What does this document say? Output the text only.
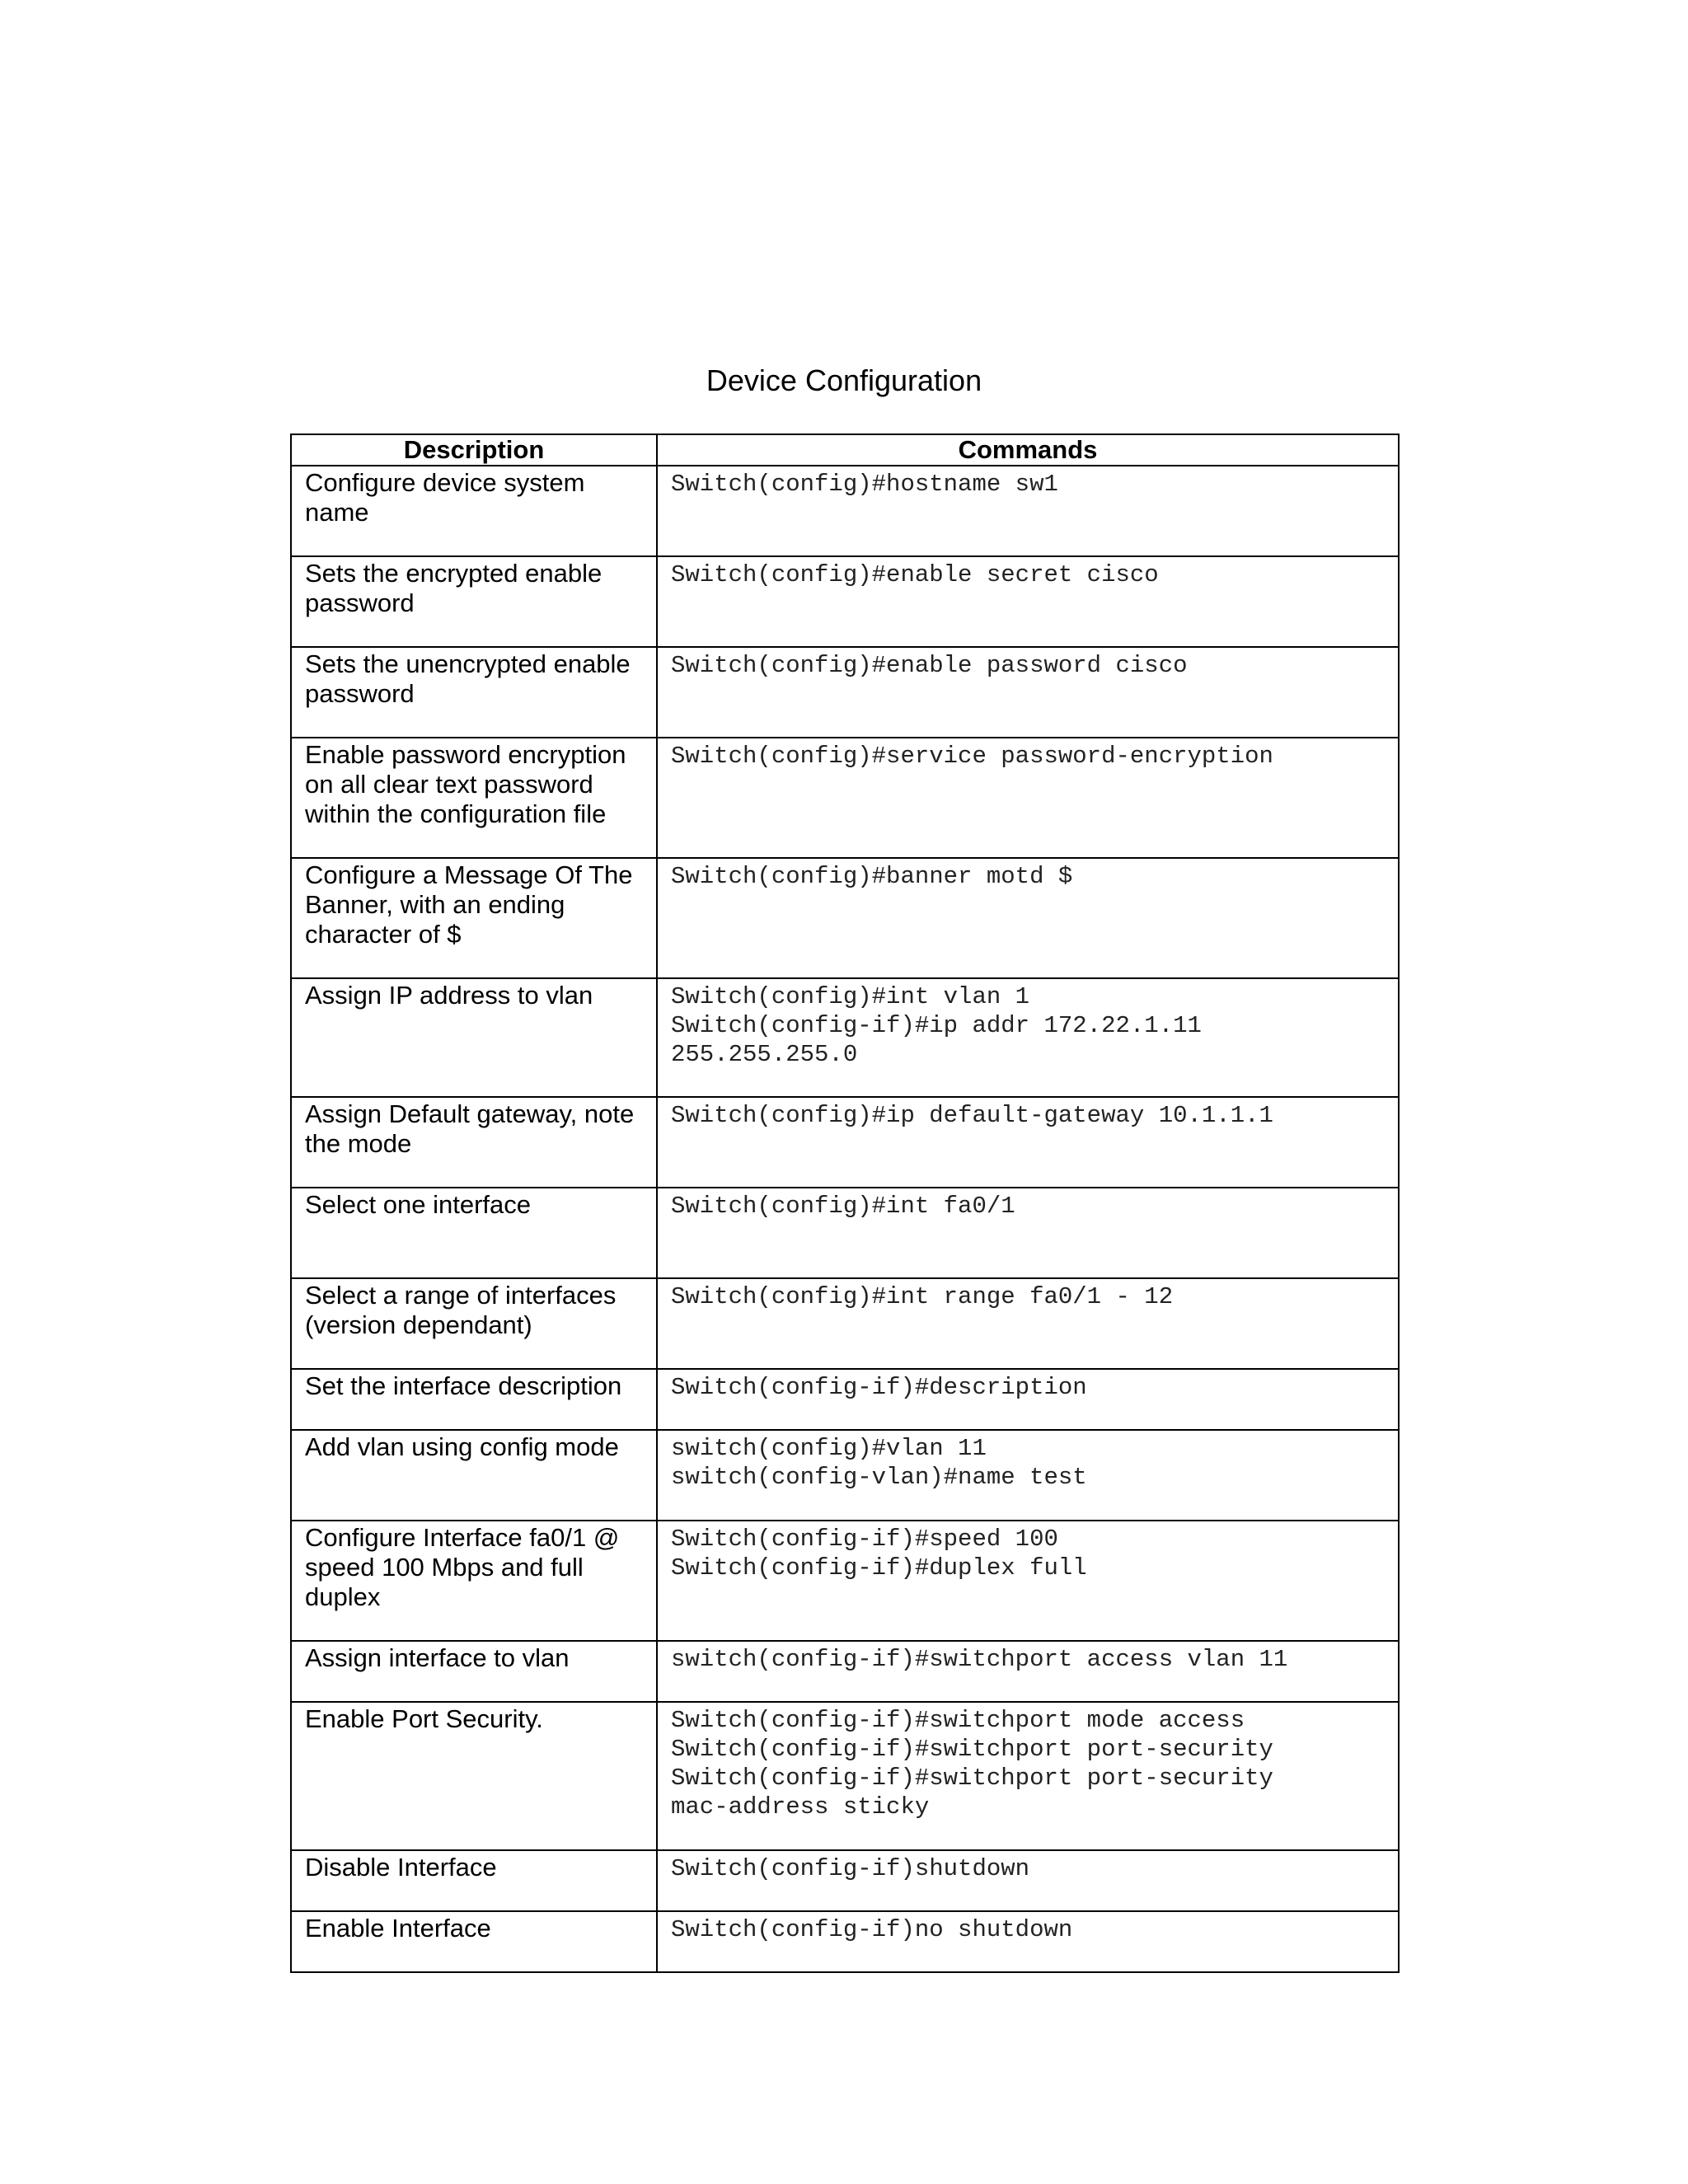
Device Configuration
Description	Commands
Configure device system
name	Switch(config)#hostname sw1

Sets the encrypted enable
password	Switch(config)#enable secret cisco

Sets the unencrypted enable
password	Switch(config)#enable password cisco

Enable password encryption
on all clear text password
within the configuration file	Switch(config)#service password-encryption

Configure a Message Of The
Banner, with an ending
character of $	Switch(config)#banner motd $

Assign IP address to vlan	Switch(config)#int vlan 1
Switch(config-if)#ip addr 172.22.1.11
255.255.255.0

Assign Default gateway, note
the mode	Switch(config)#ip default-gateway 10.1.1.1

Select one interface	Switch(config)#int fa0/1

Select a range of interfaces
(version dependant)	Switch(config)#int range fa0/1 - 12

Set the interface description	Switch(config-if)#description

Add vlan using config mode	switch(config)#vlan 11
switch(config-vlan)#name test

Configure Interface fa0/1 @
speed 100 Mbps and full
duplex	Switch(config-if)#speed 100
Switch(config-if)#duplex full

Assign interface to vlan	switch(config-if)#switchport access vlan 11

Enable Port Security.	Switch(config-if)#switchport mode access
Switch(config-if)#switchport port-security
Switch(config-if)#switchport port-security
mac-address sticky

Disable Interface	Switch(config-if)shutdown

Enable Interface	Switch(config-if)no shutdown
